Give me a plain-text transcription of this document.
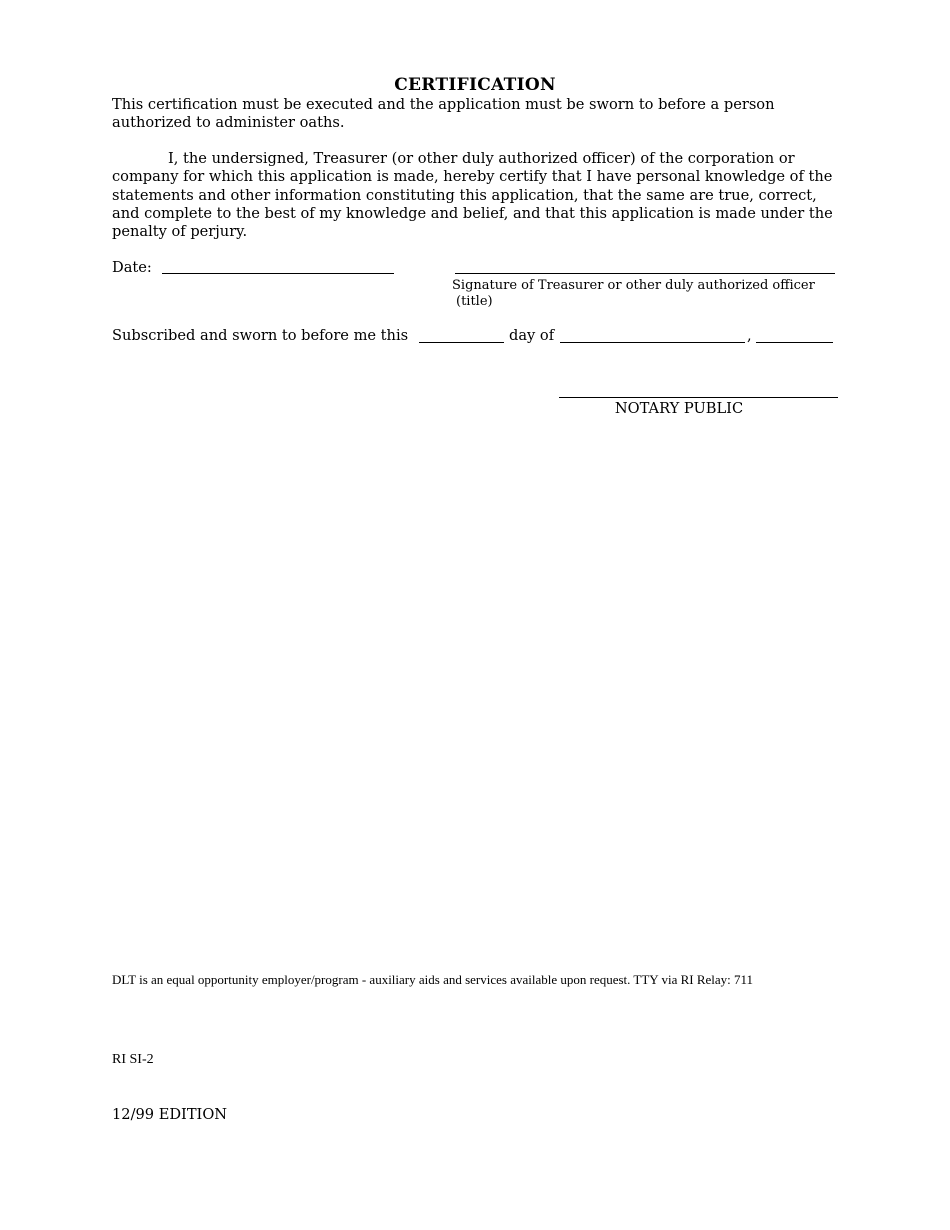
CERTIFICATION
This certification must be executed and the application must be sworn to before a person authorized to administer oaths.
I, the undersigned, Treasurer (or other duly authorized officer) of the corporation or company for which this application is made, hereby certify that I have personal knowledge of the statements and other information constituting this application, that the same are true, correct, and complete to the best of my knowledge and belief, and that this application is made under the penalty of perjury.
Date:
Signature of Treasurer or other duly authorized officer
(title)
Subscribed and sworn to before me this	day of	,
NOTARY PUBLIC
DLT is an equal opportunity employer/program - auxiliary aids and services available upon request. TTY via RI Relay: 711
RI SI-2
12/99 EDITION
